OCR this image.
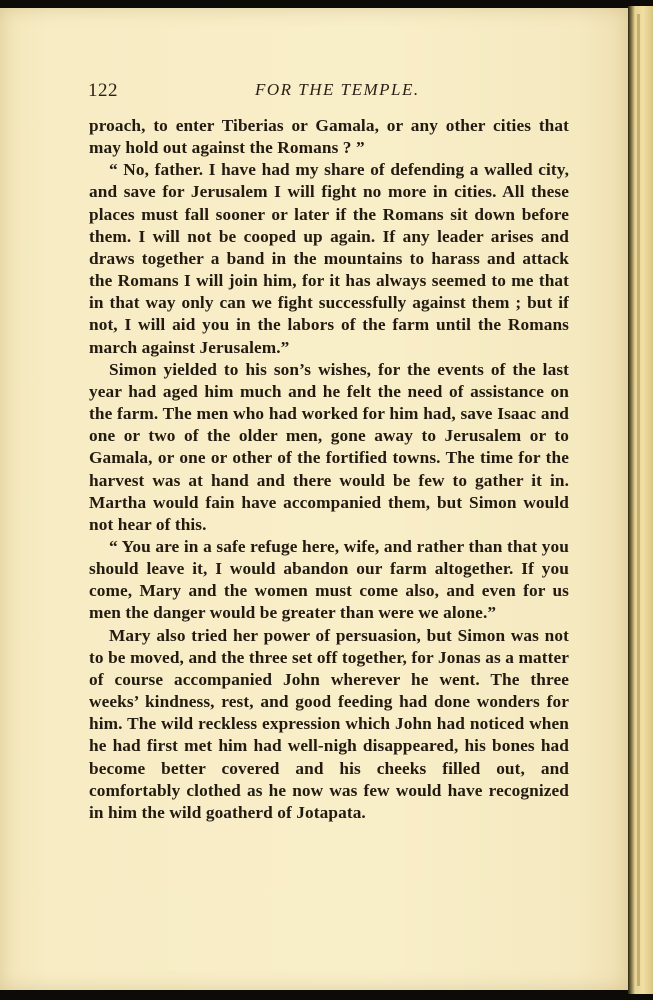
122	FOR THE TEMPLE.

proach, to enter Tiberias or Gamala, or any other cities that may hold out against the Romans ? ”

“ No, father. I have had my share of defending a walled city, and save for Jerusalem I will fight no more in cities. All these places must fall sooner or later if the Romans sit down before them. I will not be cooped up again. If any leader arises and draws together a band in the mountains to harass and attack the Romans I will join him, for it has always seemed to me that in that way only can we fight successfully against them ; but if not, I will aid you in the labors of the farm until the Romans march against Jerusalem.”

Simon yielded to his son’s wishes, for the events of the last year had aged him much and he felt the need of assistance on the farm. The men who had worked for him had, save Isaac and one or two of the older men, gone away to Jerusalem or to Gamala, or one or other of the fortified towns. The time for the harvest was at hand and there would be few to gather it in. Martha would fain have accompanied them, but Simon would not hear of this.

“ You are in a safe refuge here, wife, and rather than that you should leave it, I would abandon our farm altogether. If you come, Mary and the women must come also, and even for us men the danger would be greater than were we alone.”

Mary also tried her power of persuasion, but Simon was not to be moved, and the three set off together, for Jonas as a matter of course accompanied John wherever he went. The three weeks’ kindness, rest, and good feeding had done wonders for him. The wild reckless expression which John had noticed when he had first met him had well-nigh disappeared, his bones had become better covered and his cheeks filled out, and comfortably clothed as he now was few would have recognized in him the wild goatherd of Jotapata.
